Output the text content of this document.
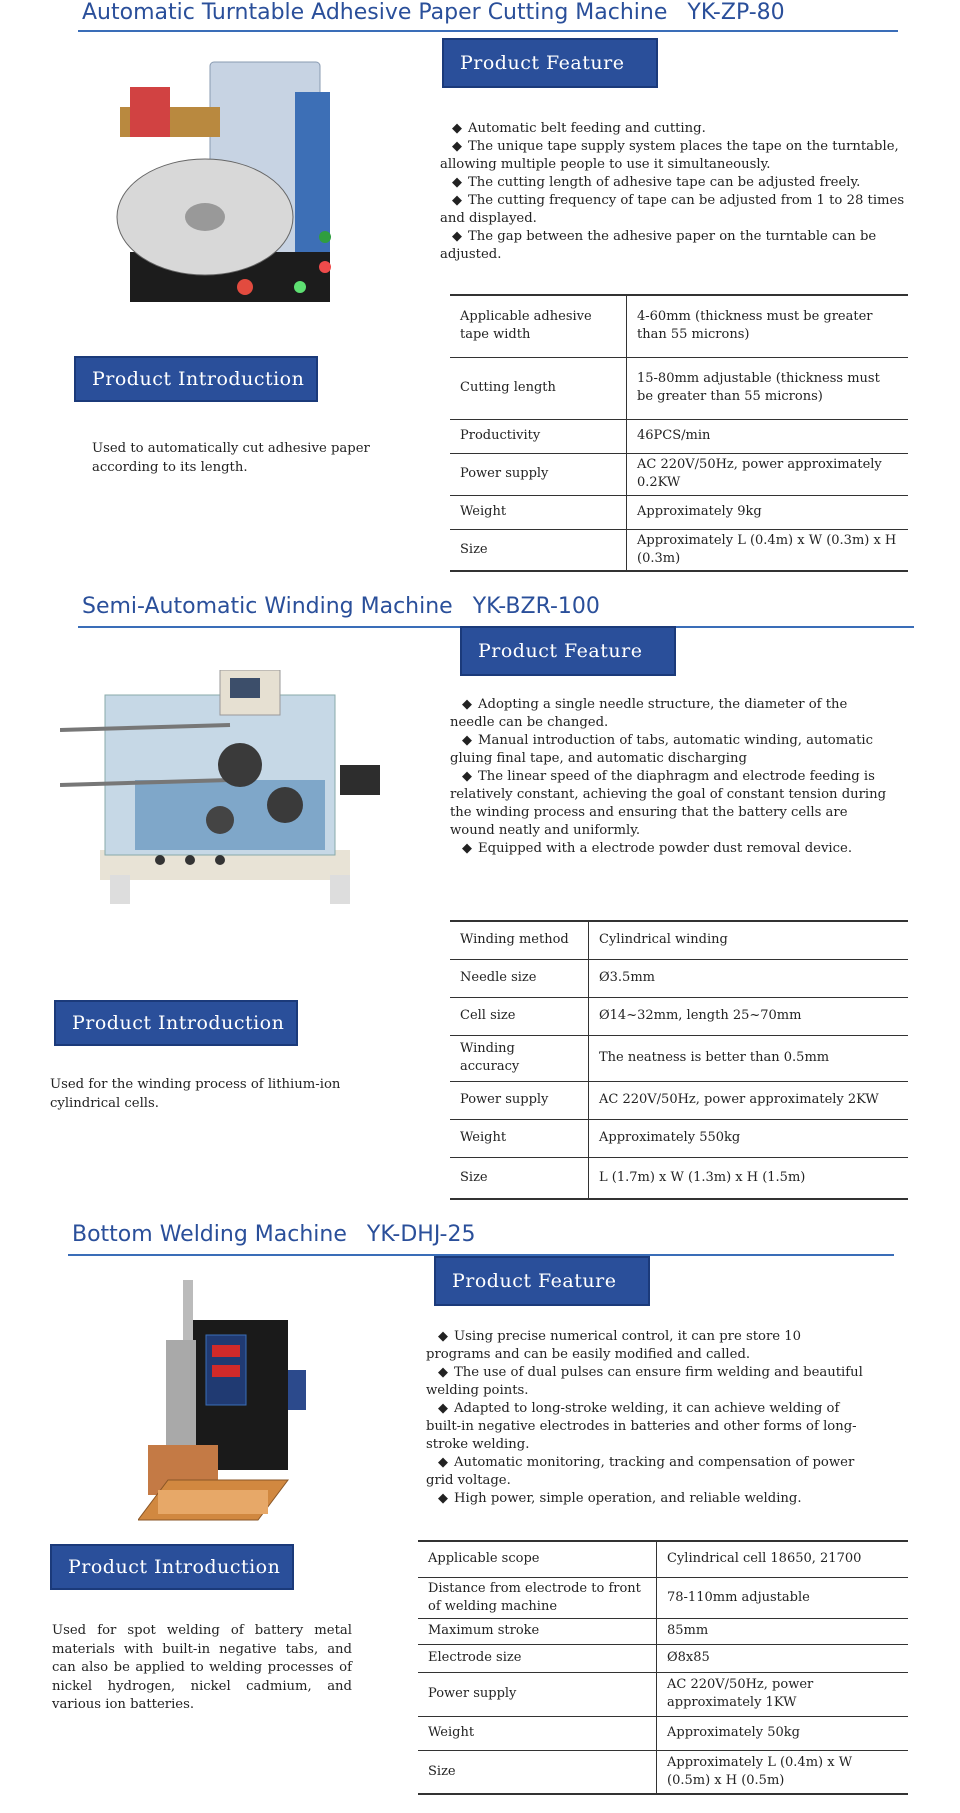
Automatic Turntable Adhesive Paper Cutting Machine YK-ZP-80
Product Feature
◆ Automatic belt feeding and cutting.
◆ The unique tape supply system places the tape on the turntable, allowing multiple people to use it simultaneously.
◆ The cutting length of adhesive tape can be adjusted freely.
◆ The cutting frequency of tape can be adjusted from 1 to 28 times and displayed.
◆ The gap between the adhesive paper on the turntable can be adjusted.
Product Introduction
Used to automatically cut adhesive paper according to its length.
Applicable adhesive tape width	4-60mm (thickness must be greater than 55 microns)
Cutting length	15-80mm adjustable (thickness must be greater than 55 microns)
Productivity	46PCS/min
Power supply	AC 220V/50Hz, power approximately 0.2KW
Weight	Approximately 9kg
Size	Approximately L (0.4m) x W (0.3m) x H (0.3m)
Semi-Automatic Winding Machine YK-BZR-100
Product Feature
◆ Adopting a single needle structure, the diameter of the needle can be changed.
◆ Manual introduction of tabs, automatic winding, automatic gluing final tape, and automatic discharging
◆ The linear speed of the diaphragm and electrode feeding is relatively constant, achieving the goal of constant tension during the winding process and ensuring that the battery cells are wound neatly and uniformly.
◆ Equipped with a electrode powder dust removal device.
Product Introduction
Used for the winding process of lithium-ion cylindrical cells.
Winding method	Cylindrical winding
Needle size	Ø3.5mm
Cell size	Ø14~32mm, length 25~70mm
Winding accuracy	The neatness is better than 0.5mm
Power supply	AC 220V/50Hz, power approximately 2KW
Weight	Approximately 550kg
Size	L (1.7m) x W (1.3m) x H (1.5m)
Bottom Welding Machine YK-DHJ-25
Product Feature
◆ Using precise numerical control, it can pre store 10 programs and can be easily modified and called.
◆ The use of dual pulses can ensure firm welding and beautiful welding points.
◆ Adapted to long-stroke welding, it can achieve welding of built-in negative electrodes in batteries and other forms of long-stroke welding.
◆ Automatic monitoring, tracking and compensation of power grid voltage.
◆ High power, simple operation, and reliable welding.
Product Introduction
Used for spot welding of battery metal materials with built-in negative tabs, and can also be applied to welding processes of nickel hydrogen, nickel cadmium, and various ion batteries.
Applicable scope	Cylindrical cell 18650, 21700
Distance from electrode to front of welding machine	78-110mm adjustable
Maximum stroke	85mm
Electrode size	Ø8x85
Power supply	AC 220V/50Hz, power approximately 1KW
Weight	Approximately 50kg
Size	Approximately L (0.4m) x W (0.5m) x H (0.5m)
